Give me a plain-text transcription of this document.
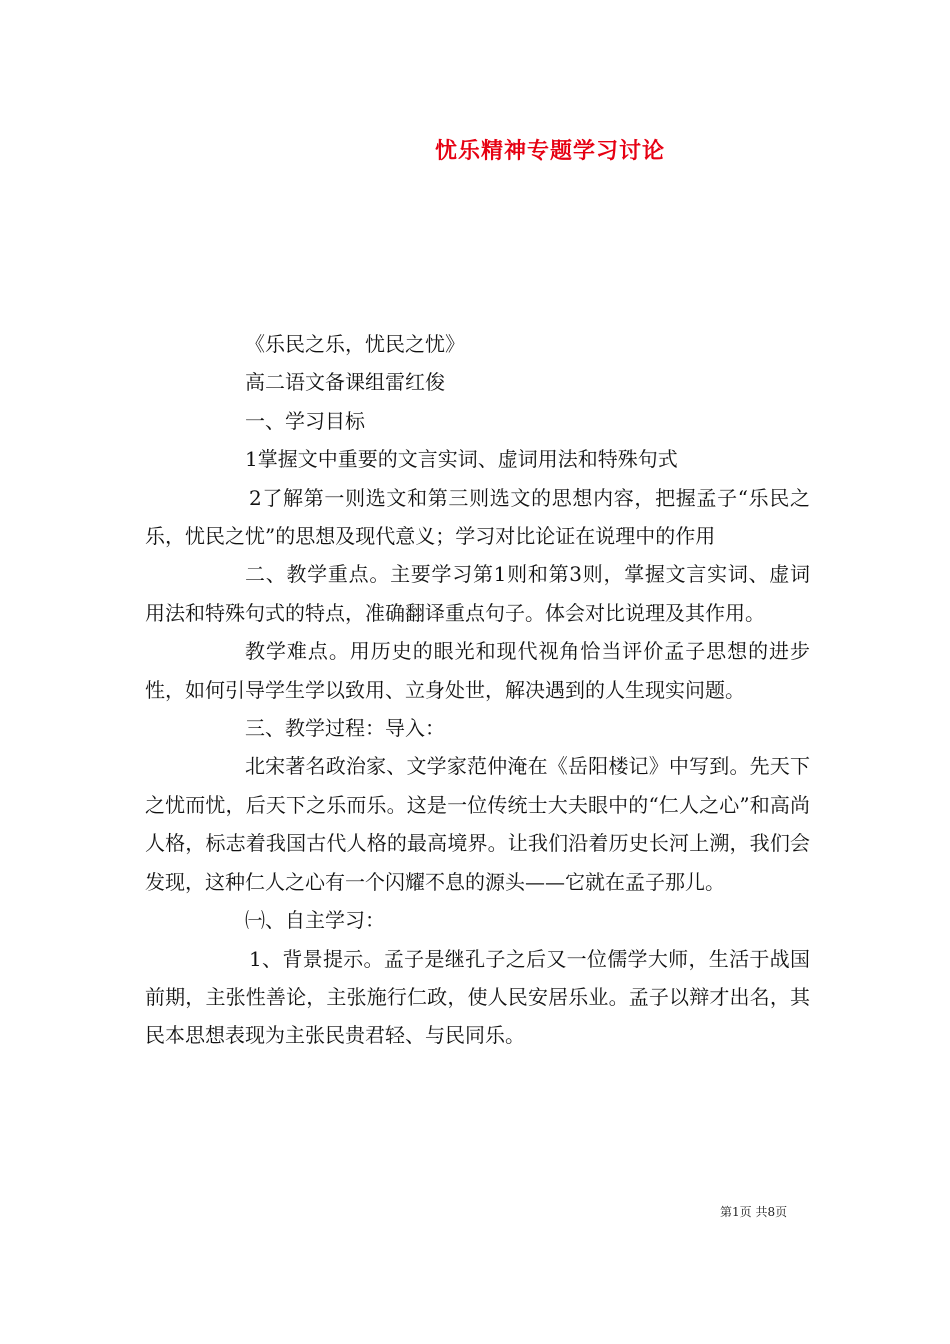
忧乐精神专题学习讨论

《乐民之乐，忧民之忧》

高二语文备课组雷红俊

一、学习目标

1掌握文中重要的文言实词、虚词用法和特殊句式

2了解第一则选文和第三则选文的思想内容，把握孟子“乐民之乐，忧民之忧”的思想及现代意义；学习对比论证在说理中的作用

二、教学重点。主要学习第1则和第3则，掌握文言实词、虚词用法和特殊句式的特点，准确翻译重点句子。体会对比说理及其作用。

教学难点。用历史的眼光和现代视角恰当评价孟子思想的进步性，如何引导学生学以致用、立身处世，解决遇到的人生现实问题。

三、教学过程：导入：

北宋著名政治家、文学家范仲淹在《岳阳楼记》中写到。先天下之忧而忧，后天下之乐而乐。这是一位传统士大夫眼中的“仁人之心”和高尚人格，标志着我国古代人格的最高境界。让我们沿着历史长河上溯，我们会发现，这种仁人之心有一个闪耀不息的源头——它就在孟子那儿。

㈠、自主学习：

1、背景提示。孟子是继孔子之后又一位儒学大师，生活于战国前期，主张性善论，主张施行仁政，使人民安居乐业。孟子以辩才出名，其民本思想表现为主张民贵君轻、与民同乐。

第1页 共8页
